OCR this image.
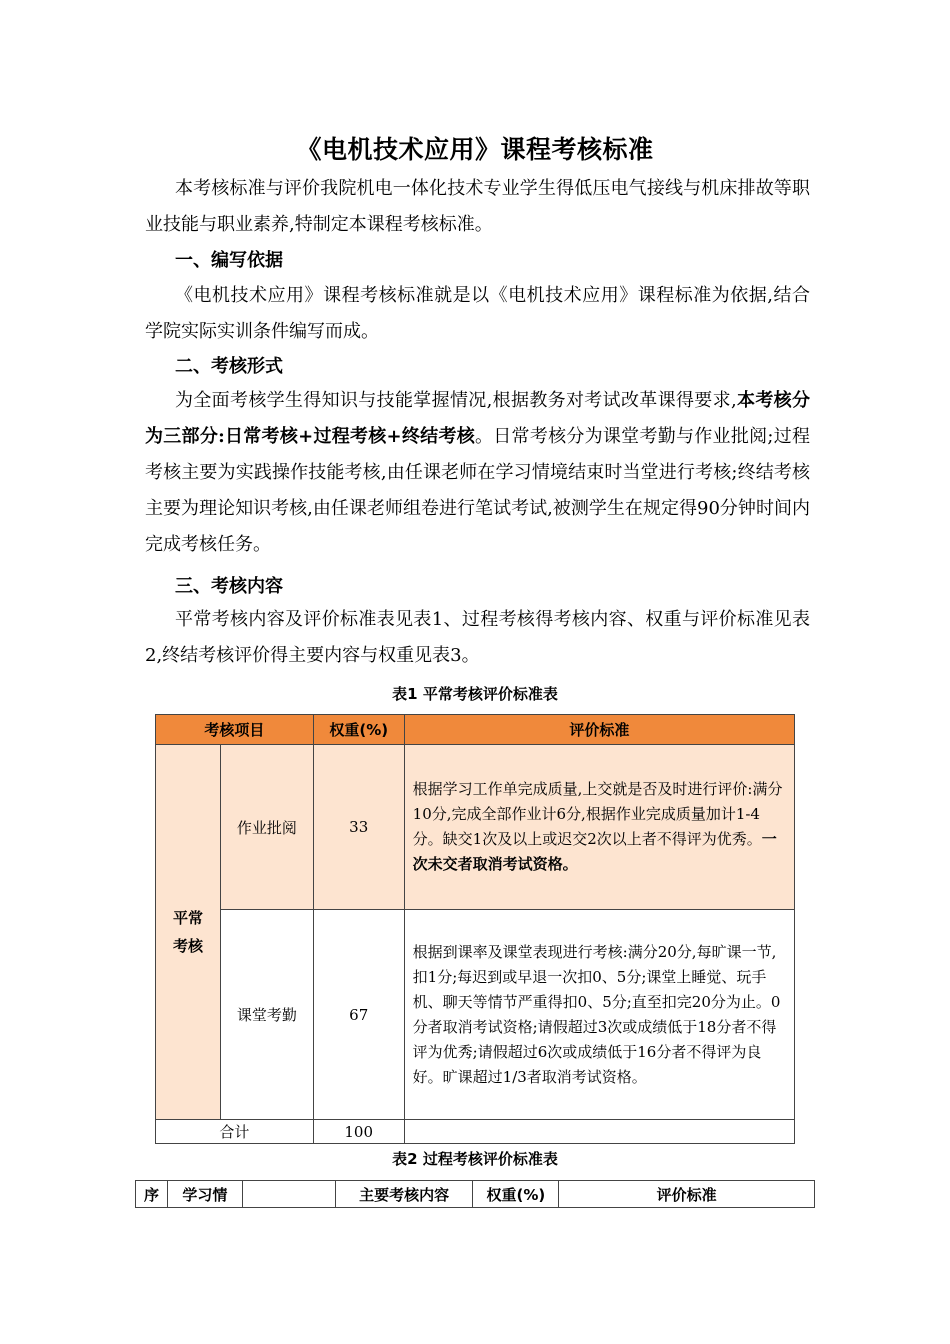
《电机技术应用》课程考核标准

本考核标准与评价我院机电一体化技术专业学生得低压电气接线与机床排故等职业技能与职业素养,特制定本课程考核标准。

一、编写依据

《电机技术应用》课程考核标准就是以《电机技术应用》课程标准为依据,结合学院实际实训条件编写而成。

二、考核形式

为全面考核学生得知识与技能掌握情况,根据教务对考试改革课得要求,本考核分为三部分:日常考核+过程考核+终结考核。日常考核分为课堂考勤与作业批阅;过程考核主要为实践操作技能考核,由任课老师在学习情境结束时当堂进行考核;终结考核主要为理论知识考核,由任课老师组卷进行笔试考试,被测学生在规定得90分钟时间内完成考核任务。

三、考核内容

平常考核内容及评价标准表见表1、过程考核得考核内容、权重与评价标准见表2,终结考核评价得主要内容与权重见表3。

表1 平常考核评价标准表
考核项目		权重(%)	评价标准
平常考核	作业批阅	33	根据学习工作单完成质量,上交就是否及时进行评价:满分10分,完成全部作业计6分,根据作业完成质量加计1-4分。缺交1次及以上或迟交2次以上者不得评为优秀。一次未交者取消考试资格。
	课堂考勤	67	根据到课率及课堂表现进行考核:满分20分,每旷课一节,扣1分;每迟到或早退一次扣0、5分;课堂上睡觉、玩手机、聊天等情节严重得扣0、5分;直至扣完20分为止。0分者取消考试资格;请假超过3次或成绩低于18分者不得评为优秀;请假超过6次或成绩低于16分者不得评为良好。旷课超过1/3者取消考试资格。
合计		100	
表2 过程考核评价标准表
序	学习情		主要考核内容	权重(%)	评价标准
